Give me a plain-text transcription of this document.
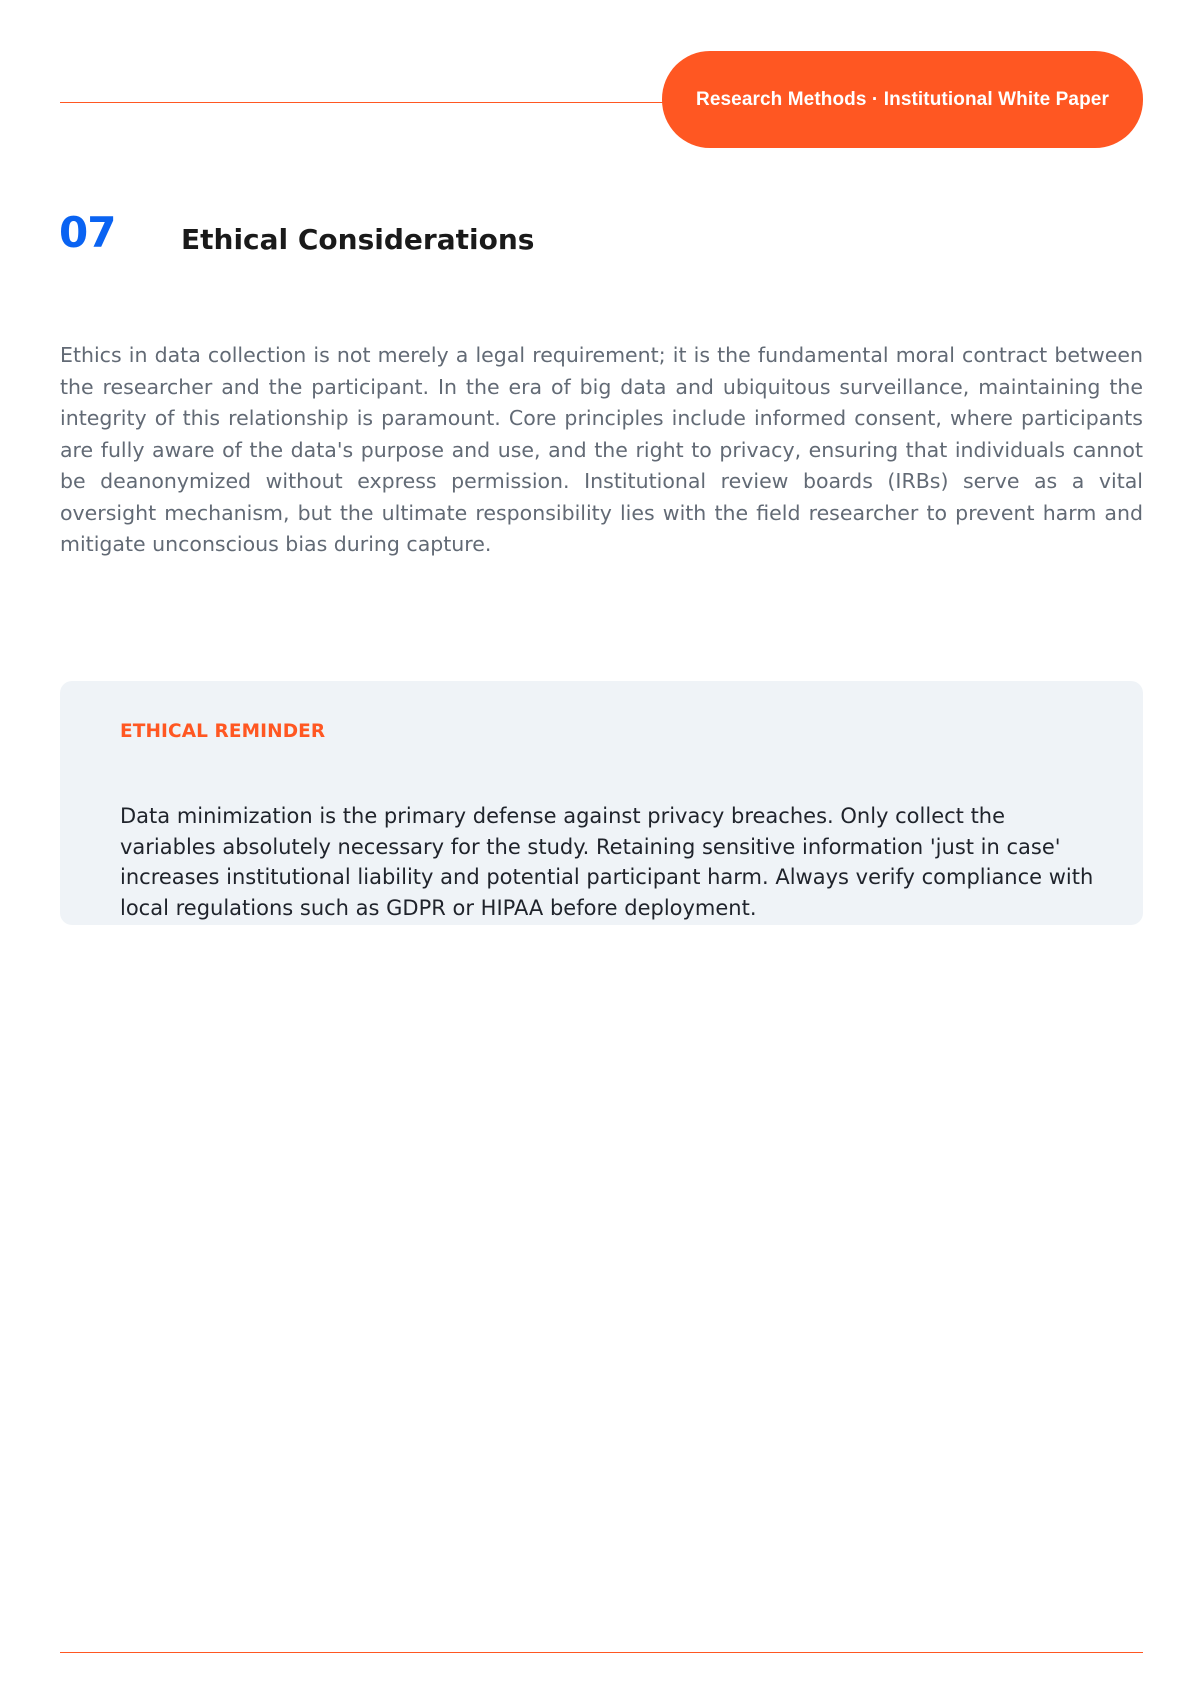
Research Methods · Institutional White Paper
07 Ethical Considerations

Ethics in data collection is not merely a legal requirement; it is the fundamental moral contract between the researcher and the participant. In the era of big data and ubiquitous surveillance, maintaining the integrity of this relationship is paramount. Core principles include informed consent, where participants are fully aware of the data's purpose and use, and the right to privacy, ensuring that individuals cannot be deanonymized without express permission. Institutional review boards (IRBs) serve as a vital oversight mechanism, but the ultimate responsibility lies with the field researcher to prevent harm and mitigate unconscious bias during capture.

ETHICAL REMINDER

Data minimization is the primary defense against privacy breaches. Only collect the variables absolutely necessary for the study. Retaining sensitive information 'just in case' increases institutional liability and potential participant harm. Always verify compliance with local regulations such as GDPR or HIPAA before deployment.
